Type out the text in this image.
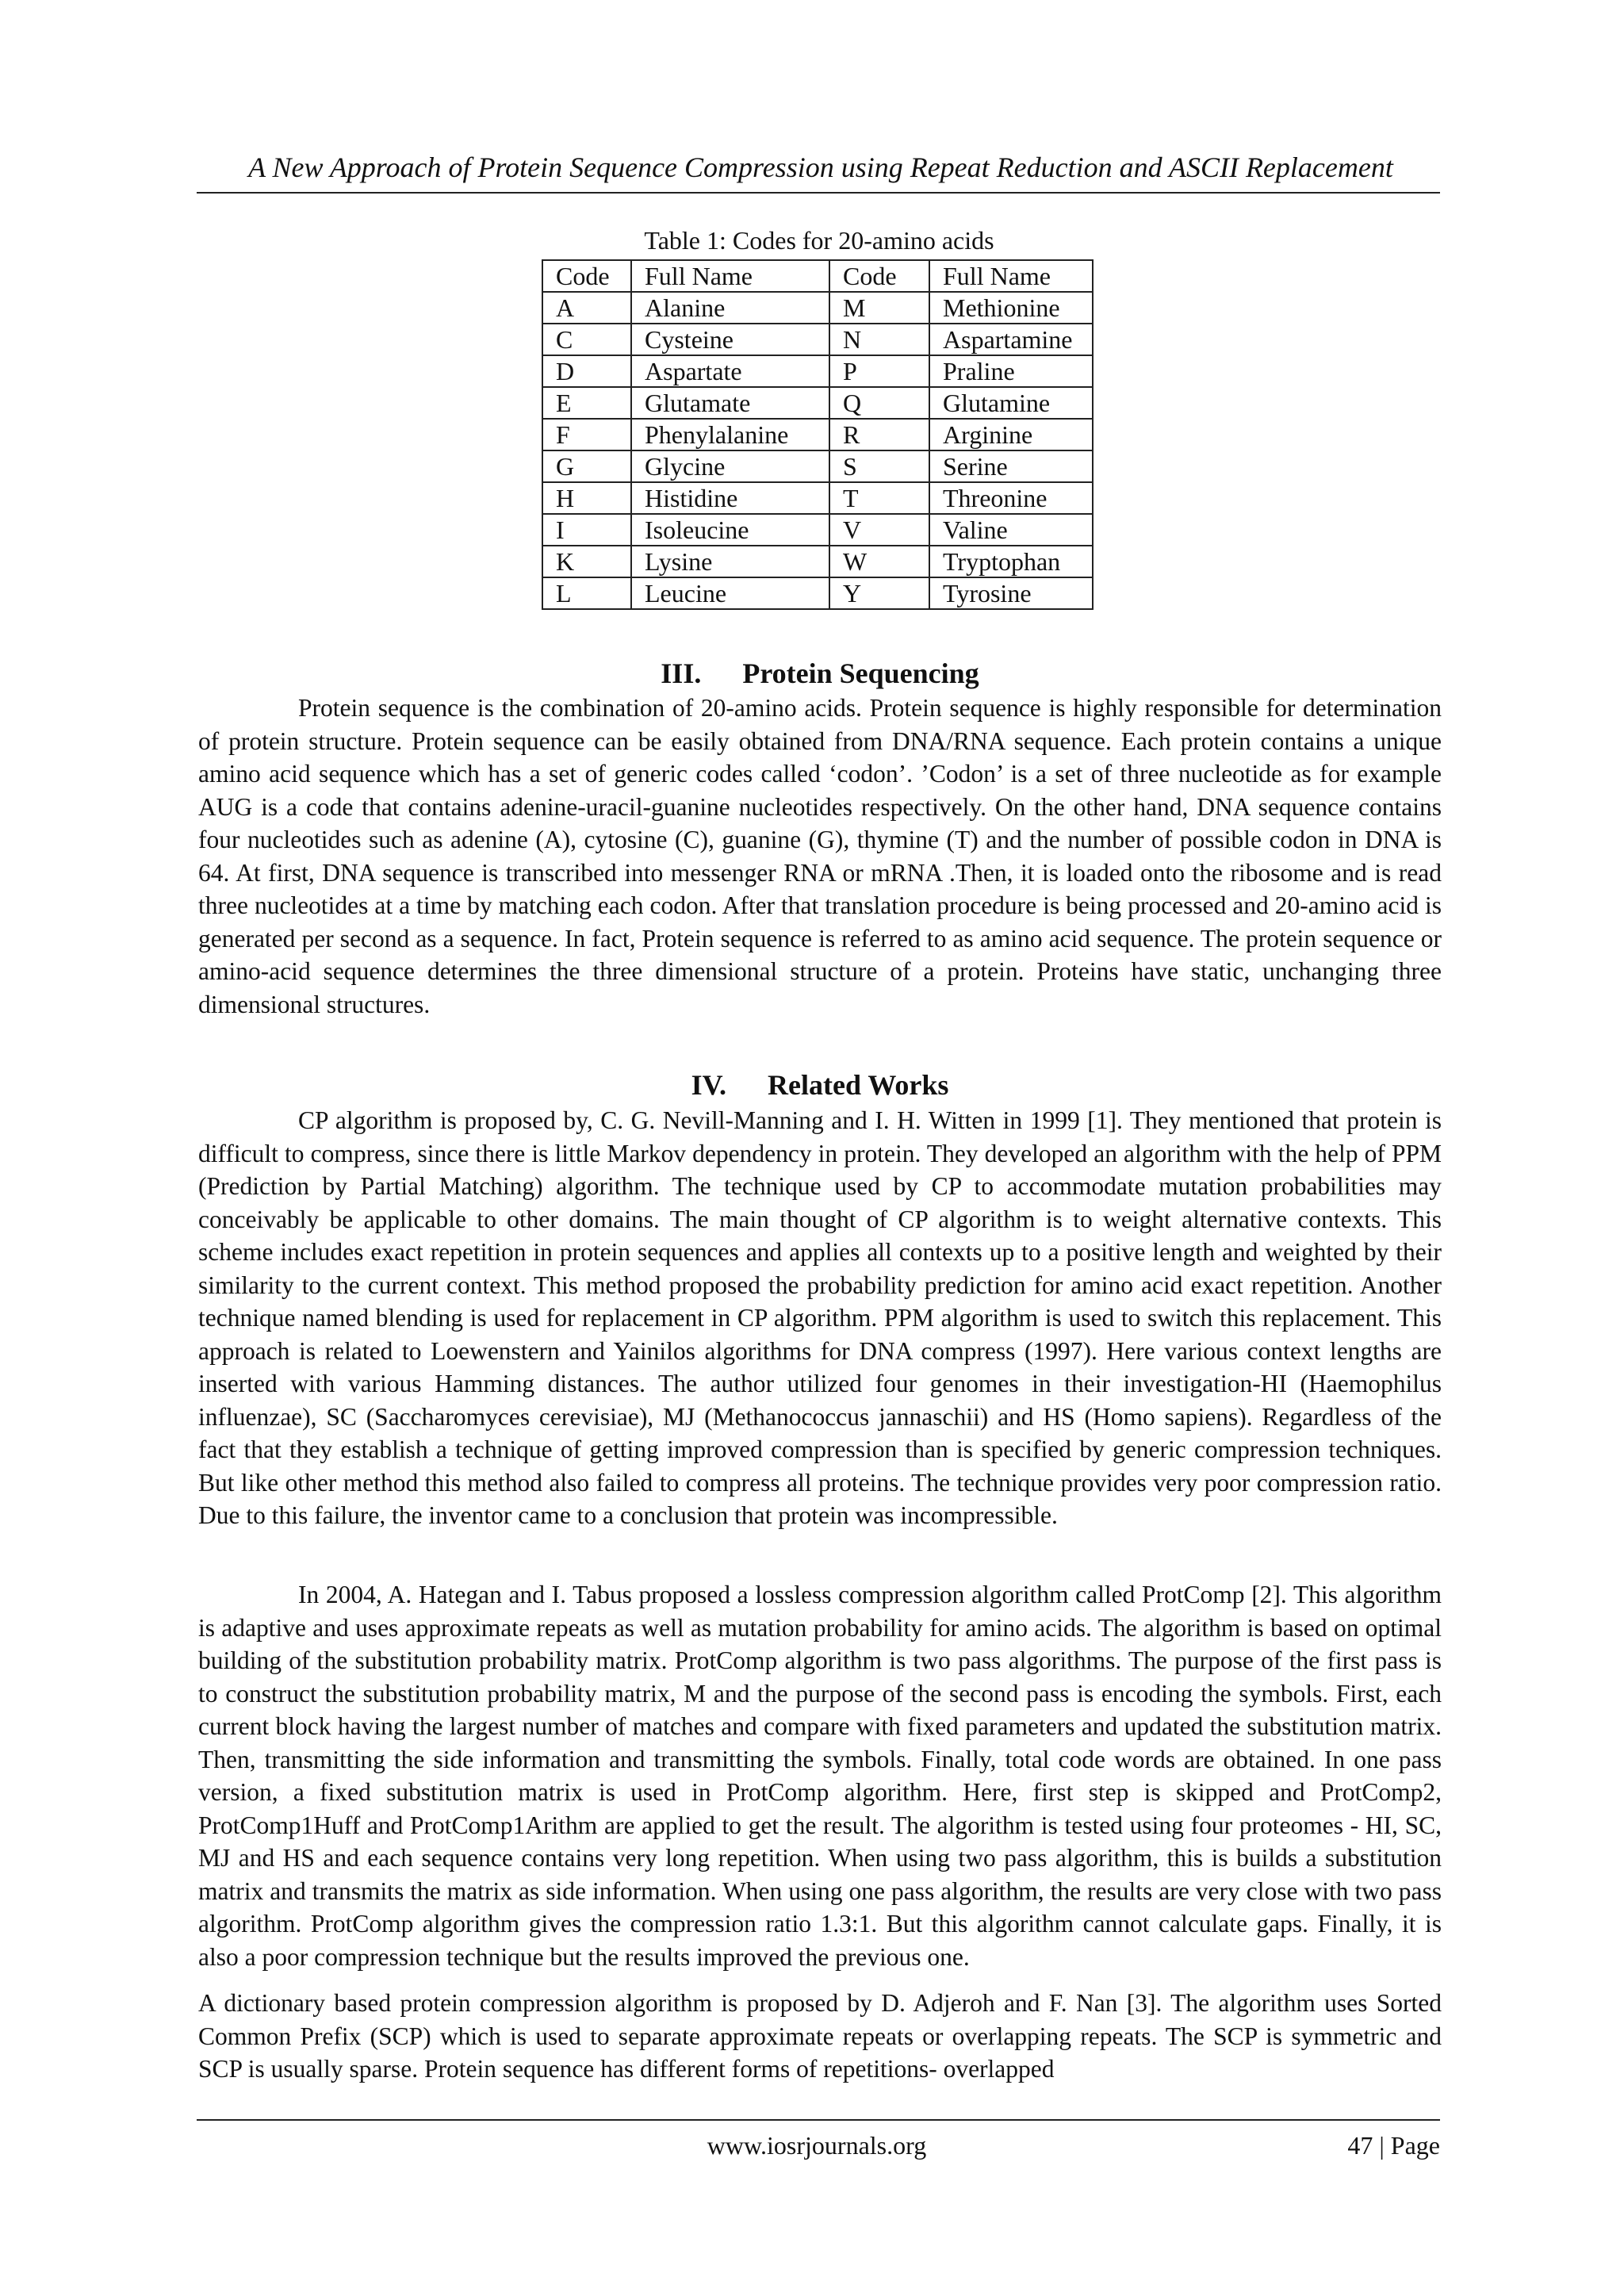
A New Approach of Protein Sequence Compression using Repeat Reduction and ASCII Replacement
Table 1: Codes for 20-amino acids
Code	Full Name	Code	Full Name
A	Alanine	M	Methionine
C	Cysteine	N	Aspartamine
D	Aspartate	P	Praline
E	Glutamate	Q	Glutamine
F	Phenylalanine	R	Arginine
G	Glycine	S	Serine
H	Histidine	T	Threonine
I	Isoleucine	V	Valine
K	Lysine	W	Tryptophan
L	Leucine	Y	Tyrosine
III. Protein Sequencing

Protein sequence is the combination of 20-amino acids. Protein sequence is highly responsible for determination of protein structure. Protein sequence can be easily obtained from DNA/RNA sequence. Each protein contains a unique amino acid sequence which has a set of generic codes called ‘codon’. ’Codon’ is a set of three nucleotide as for example AUG is a code that contains adenine-uracil-guanine nucleotides respectively. On the other hand, DNA sequence contains four nucleotides such as adenine (A), cytosine (C), guanine (G), thymine (T) and the number of possible codon in DNA is 64. At first, DNA sequence is transcribed into messenger RNA or mRNA .Then, it is loaded onto the ribosome and is read three nucleotides at a time by matching each codon. After that translation procedure is being processed and 20-amino acid is generated per second as a sequence. In fact, Protein sequence is referred to as amino acid sequence. The protein sequence or amino-acid sequence determines the three dimensional structure of a protein. Proteins have static, unchanging three dimensional structures.

IV. Related Works

CP algorithm is proposed by, C. G. Nevill-Manning and I. H. Witten in 1999 [1]. They mentioned that protein is difficult to compress, since there is little Markov dependency in protein. They developed an algorithm with the help of PPM (Prediction by Partial Matching) algorithm. The technique used by CP to accommodate mutation probabilities may conceivably be applicable to other domains. The main thought of CP algorithm is to weight alternative contexts. This scheme includes exact repetition in protein sequences and applies all contexts up to a positive length and weighted by their similarity to the current context. This method proposed the probability prediction for amino acid exact repetition. Another technique named blending is used for replacement in CP algorithm. PPM algorithm is used to switch this replacement. This approach is related to Loewenstern and Yainilos algorithms for DNA compress (1997). Here various context lengths are inserted with various Hamming distances. The author utilized four genomes in their investigation-HI (Haemophilus influenzae), SC (Saccharomyces cerevisiae), MJ (Methanococcus jannaschii) and HS (Homo sapiens). Regardless of the fact that they establish a technique of getting improved compression than is specified by generic compression techniques. But like other method this method also failed to compress all proteins. The technique provides very poor compression ratio. Due to this failure, the inventor came to a conclusion that protein was incompressible.

In 2004, A. Hategan and I. Tabus proposed a lossless compression algorithm called ProtComp [2]. This algorithm is adaptive and uses approximate repeats as well as mutation probability for amino acids. The algorithm is based on optimal building of the substitution probability matrix. ProtComp algorithm is two pass algorithms. The purpose of the first pass is to construct the substitution probability matrix, M and the purpose of the second pass is encoding the symbols. First, each current block having the largest number of matches and compare with fixed parameters and updated the substitution matrix. Then, transmitting the side information and transmitting the symbols. Finally, total code words are obtained. In one pass version, a fixed substitution matrix is used in ProtComp algorithm. Here, first step is skipped and ProtComp2, ProtComp1Huff and ProtComp1Arithm are applied to get the result. The algorithm is tested using four proteomes - HI, SC, MJ and HS and each sequence contains very long repetition. When using two pass algorithm, this is builds a substitution matrix and transmits the matrix as side information. When using one pass algorithm, the results are very close with two pass algorithm. ProtComp algorithm gives the compression ratio 1.3:1. But this algorithm cannot calculate gaps. Finally, it is also a poor compression technique but the results improved the previous one.

A dictionary based protein compression algorithm is proposed by D. Adjeroh and F. Nan [3]. The algorithm uses Sorted Common Prefix (SCP) which is used to separate approximate repeats or overlapping repeats. The SCP is symmetric and SCP is usually sparse. Protein sequence has different forms of repetitions- overlapped

www.iosrjournals.org	47 | Page
